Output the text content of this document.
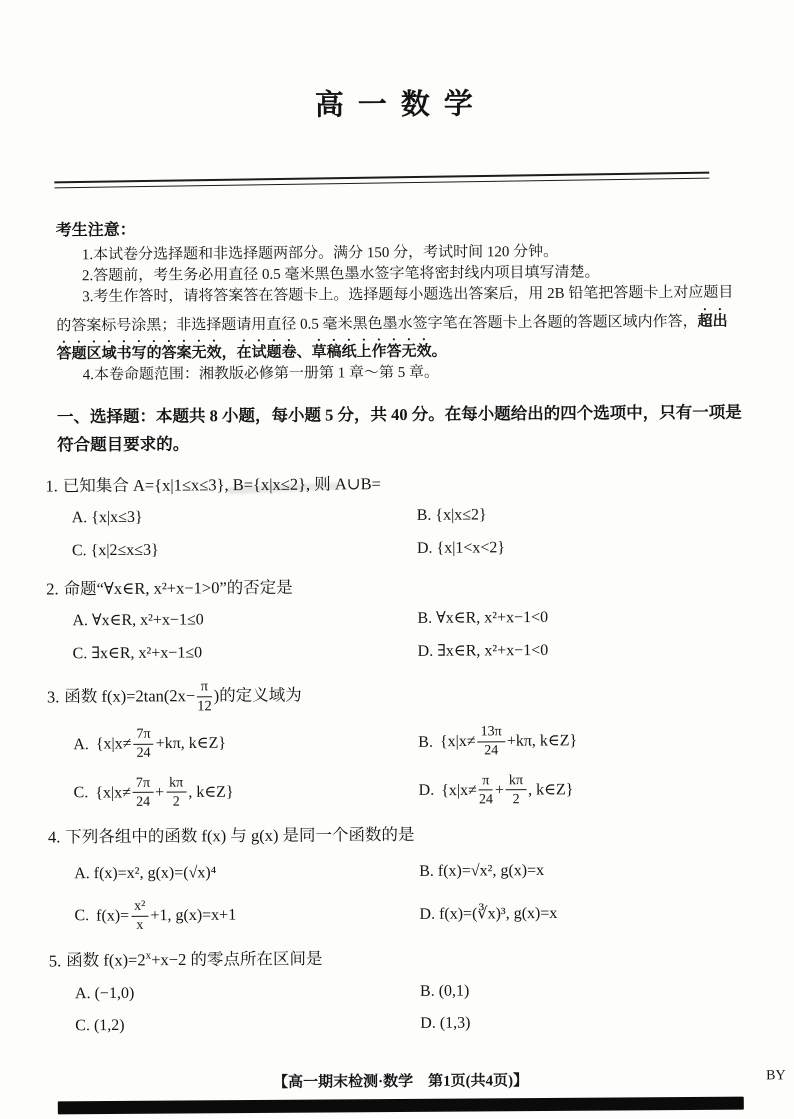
高一数学
考生注意：

1.本试卷分选择题和非选择题两部分。满分 150 分，考试时间 120 分钟。

2.答题前，考生务必用直径 0.5 毫米黑色墨水签字笔将密封线内项目填写清楚。

3.考生作答时，请将答案答在答题卡上。选择题每小题选出答案后，用 2B 铅笔把答题卡上对应题目的答案标号涂黑；非选择题请用直径 0.5 毫米黑色墨水签字笔在答题卡上各题的答题区域内作答，超出答题区域书写的答案无效，在试题卷、草稿纸上作答无效。

4.本卷命题范围：湘教版必修第一册第 1 章～第 5 章。

一、选择题：本题共 8 小题，每小题 5 分，共 40 分。在每小题给出的四个选项中，只有一项是符合题目要求的。

1. 已知集合 A={x|1≤x≤3}, B={x|x≤2}, 则 A∪B=

A. {x|x≤3}	B. {x|x≤2}

C. {x|2≤x≤3}	D. {x|1<x<2}

2. 命题“∀x∈R, x²+x−1>0”的否定是

A. ∀x∈R, x²+x−1≤0	B. ∀x∈R, x²+x−1<0

C. ∃x∈R, x²+x−1≤0	D. ∃x∈R, x²+x−1<0

3. 函数 $f(x)=2\tan(2x- \frac{\pi}{12}$ )的定义域为

A. {$x|x\ne \frac{7\pi}{24} +k\pi$, k∈Z}	B. {$x|x\ne \frac{13\pi}{24} +k\pi$, k∈Z}

C. {$x|x\ne \frac{7\pi}{24} + \frac{k\pi}{2}$ , k∈Z}	D. {$x|x\ne \frac{\pi}{24} + \frac{k\pi}{2}$ , k∈Z}

4. 下列各组中的函数 f(x) 与 g(x) 是同一个函数的是

A. f(x)=x², g(x)=(√x)⁴	B. f(x)=√x², g(x)=x

C. $f(x)= \frac{\text{x²}}{x} +1$, g(x)=x+1	D. f(x)=(∛x)³, g(x)=x

5. 函数 $f(x)=2^x+x-2$ 的零点所在区间是

A. (−1,0)	B. (0,1)

C. (1,2)	D. (1,3)

【高一期末检测·数学　第1页(共4页)】	BY
